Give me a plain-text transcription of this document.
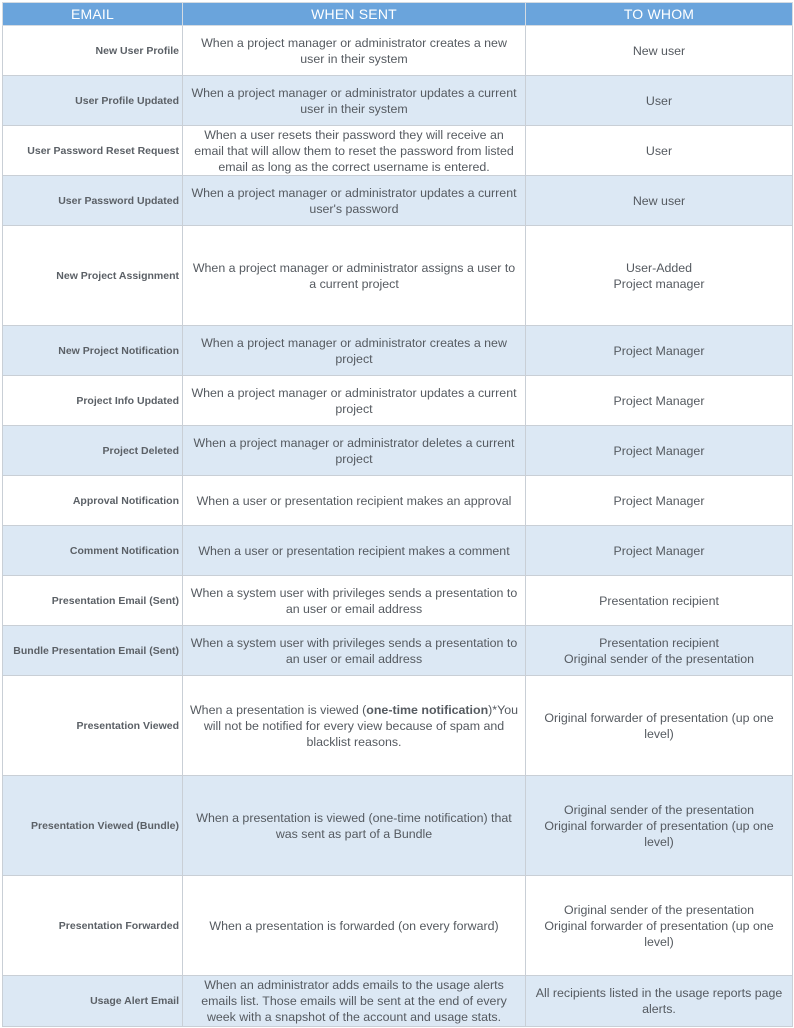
EMAIL	WHEN SENT	TO WHOM
New User Profile	When a project manager or administrator creates a new user in their system	New user

User Profile Updated	When a project manager or administrator updates a current user in their system	User

User Password Reset Request	When a user resets their password they will receive an email that will allow them to reset the password from listed email as long as the correct username is entered.	User

User Password Updated	When a project manager or administrator updates a current user's password	New user

New Project Assignment	When a project manager or administrator assigns a user to a current project	User-Added
Project manager

New Project Notification	When a project manager or administrator creates a new project	Project Manager

Project Info Updated	When a project manager or administrator updates a current project	Project Manager

Project Deleted	When a project manager or administrator deletes a current project	Project Manager

Approval Notification	When a user or presentation recipient makes an approval	Project Manager

Comment Notification	When a user or presentation recipient makes a comment	Project Manager

Presentation Email (Sent)	When a system user with privileges sends a presentation to an user or email address	Presentation recipient

Bundle Presentation Email (Sent)	When a system user with privileges sends a presentation to an user or email address	Presentation recipient
Original sender of the presentation

Presentation Viewed	When a presentation is viewed (one-time notification)*You will not be notified for every view because of spam and blacklist reasons.	Original forwarder of presentation (up one level)

Presentation Viewed (Bundle)	When a presentation is viewed (one-time notification) that was sent as part of a Bundle	Original sender of the presentation
Original forwarder of presentation (up one level)

Presentation Forwarded	When a presentation is forwarded (on every forward)	Original sender of the presentation
Original forwarder of presentation (up one level)

Usage Alert Email	When an administrator adds emails to the usage alerts emails list. Those emails will be sent at the end of every week with a snapshot of the account and usage stats.	All recipients listed in the usage reports page alerts.
